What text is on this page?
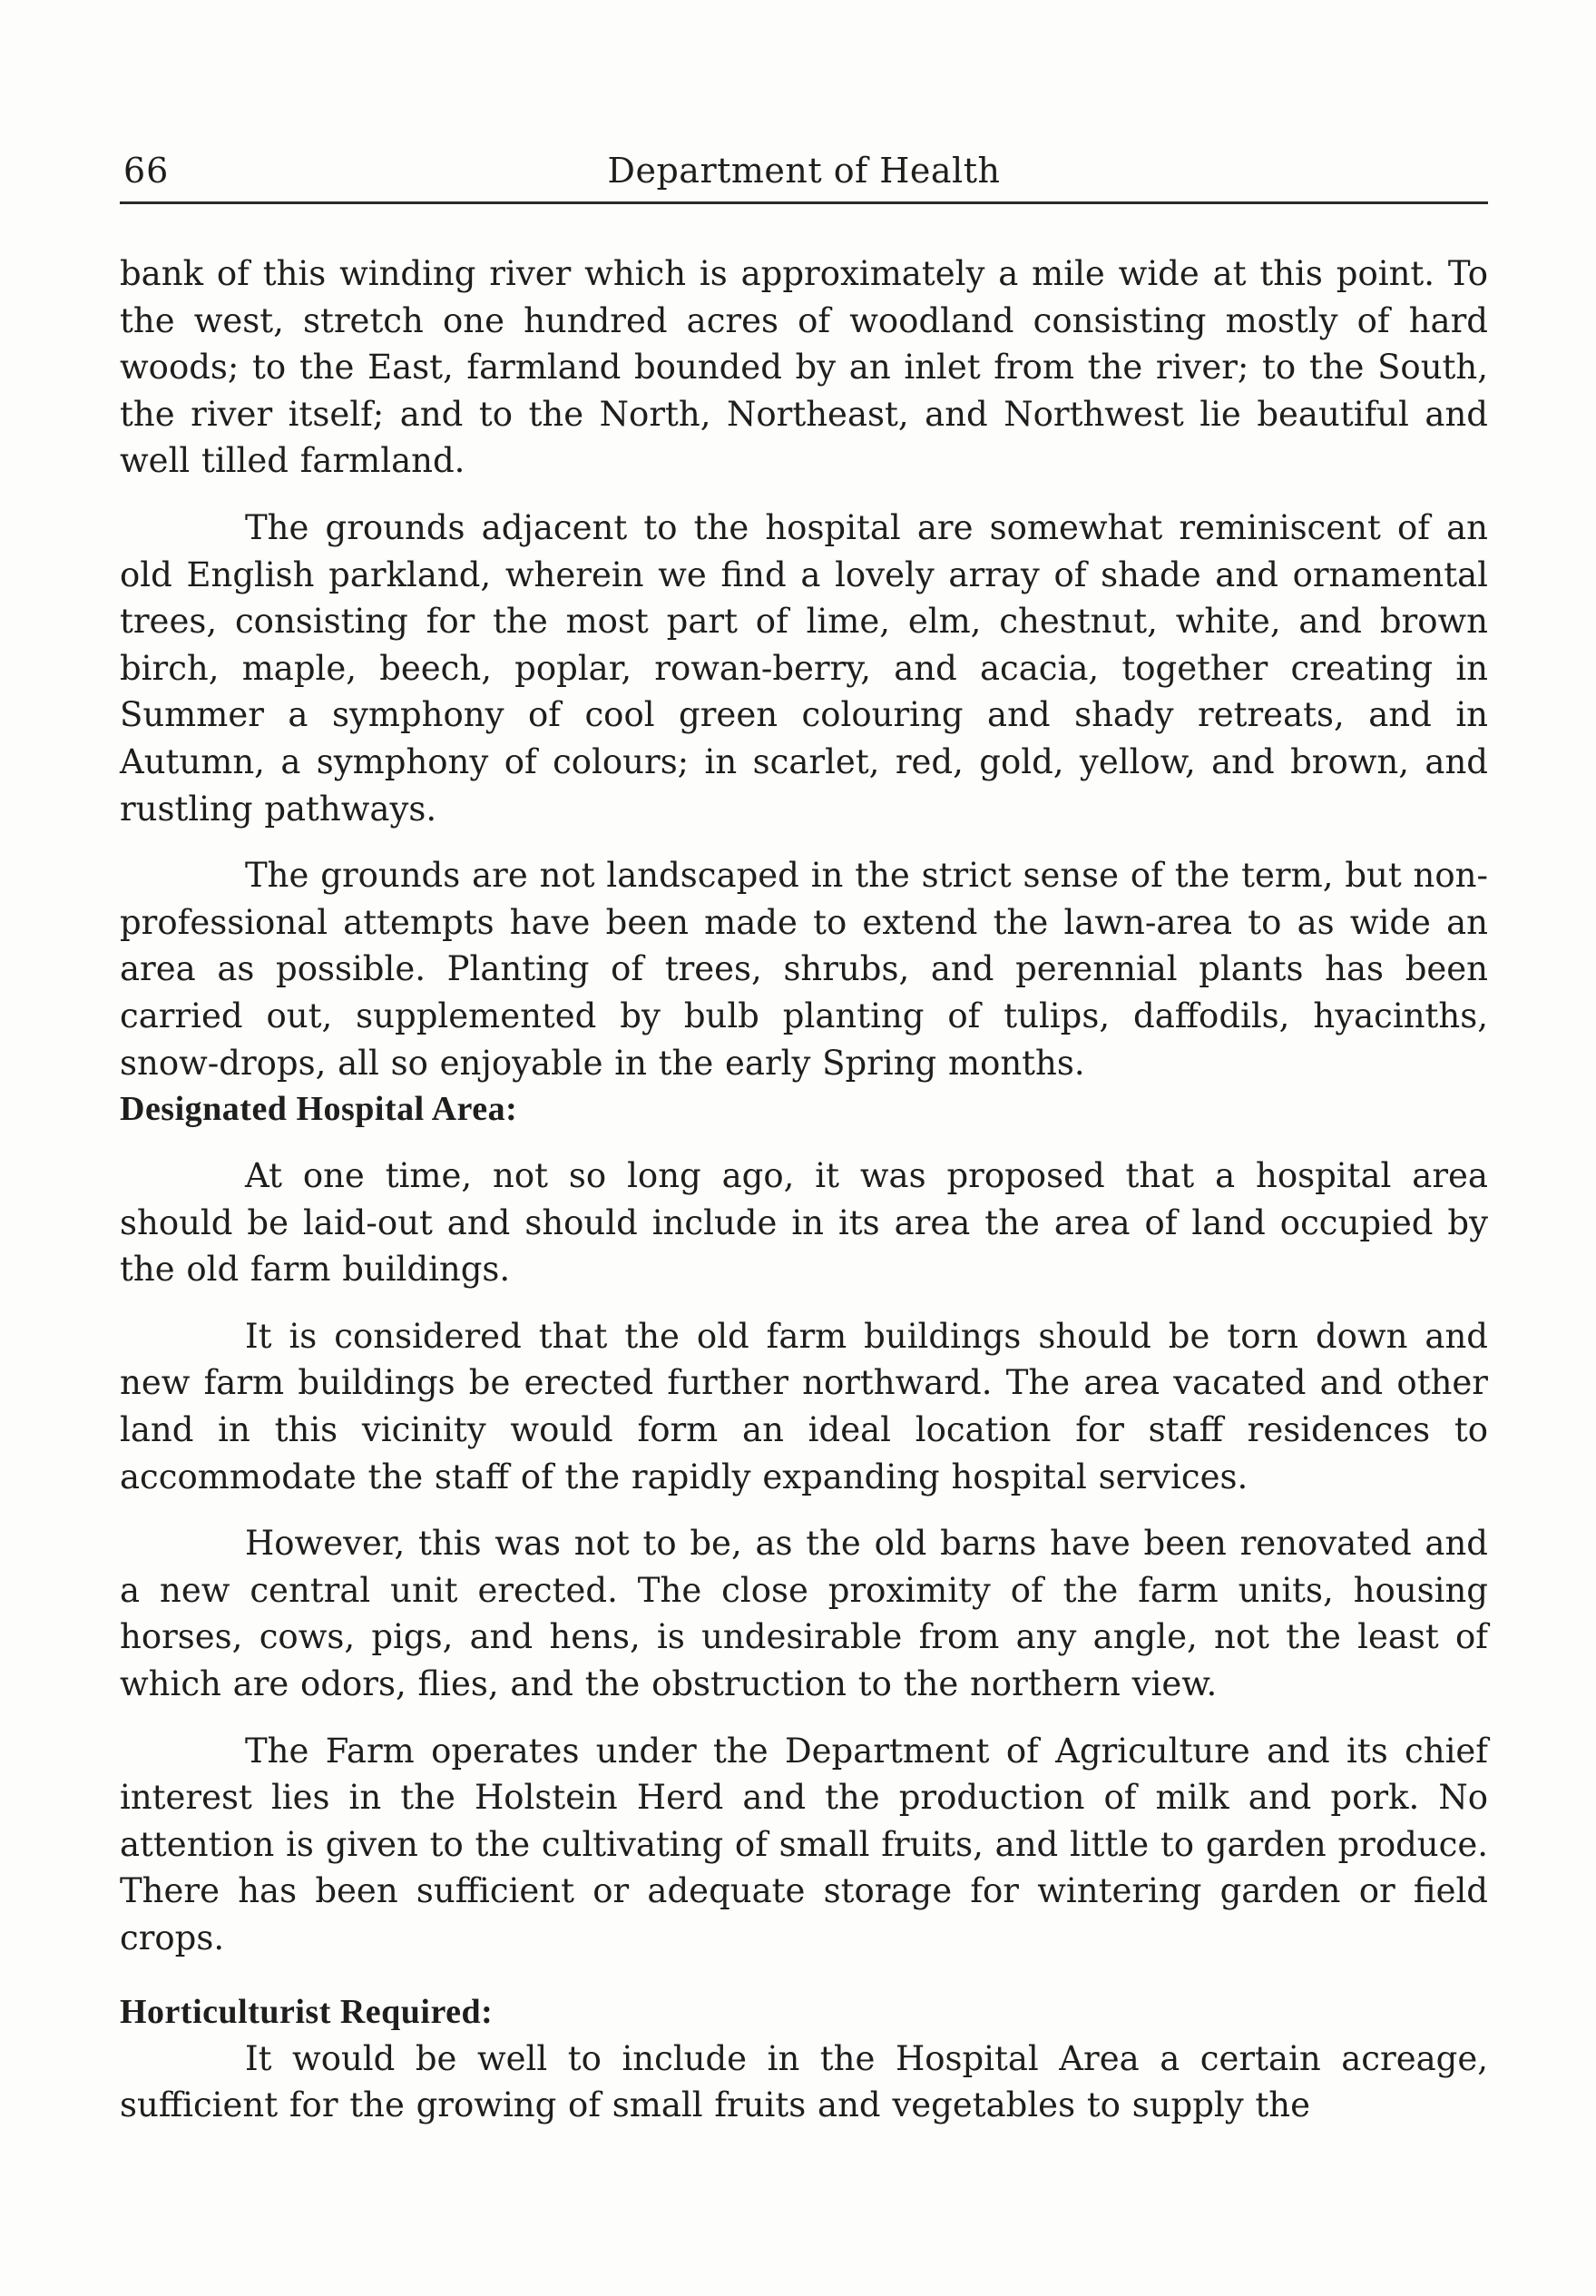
66	Department of Health

bank of this winding river which is approximately a mile wide at this point. To the west, stretch one hundred acres of woodland consisting mostly of hard woods; to the East, farmland bounded by an inlet from the river; to the South, the river itself; and to the North, Northeast, and Northwest lie beautiful and well tilled farmland.

The grounds adjacent to the hospital are somewhat reminiscent of an old English parkland, wherein we find a lovely array of shade and ornamental trees, consisting for the most part of lime, elm, chestnut, white, and brown birch, maple, beech, poplar, rowan-berry, and acacia, together creating in Summer a symphony of cool green colouring and shady retreats, and in Autumn, a symphony of colours; in scarlet, red, gold, yellow, and brown, and rustling pathways.

The grounds are not landscaped in the strict sense of the term, but non-professional attempts have been made to extend the lawn-area to as wide an area as possible. Planting of trees, shrubs, and perennial plants has been carried out, supplemented by bulb planting of tulips, daffodils, hyacinths, snow-drops, all so enjoyable in the early Spring months.

Designated Hospital Area:

At one time, not so long ago, it was proposed that a hospital area should be laid-out and should include in its area the area of land occupied by the old farm buildings.

It is considered that the old farm buildings should be torn down and new farm buildings be erected further northward. The area vacated and other land in this vicinity would form an ideal location for staff residences to accommodate the staff of the rapidly expanding hospital services.

However, this was not to be, as the old barns have been renovated and a new central unit erected. The close proximity of the farm units, housing horses, cows, pigs, and hens, is undesirable from any angle, not the least of which are odors, flies, and the obstruction to the northern view.

The Farm operates under the Department of Agriculture and its chief interest lies in the Holstein Herd and the production of milk and pork. No attention is given to the cultivating of small fruits, and little to garden produce. There has been sufficient or adequate storage for wintering garden or field crops.

Horticulturist Required:

It would be well to include in the Hospital Area a certain acreage, sufficient for the growing of small fruits and vegetables to supply the
